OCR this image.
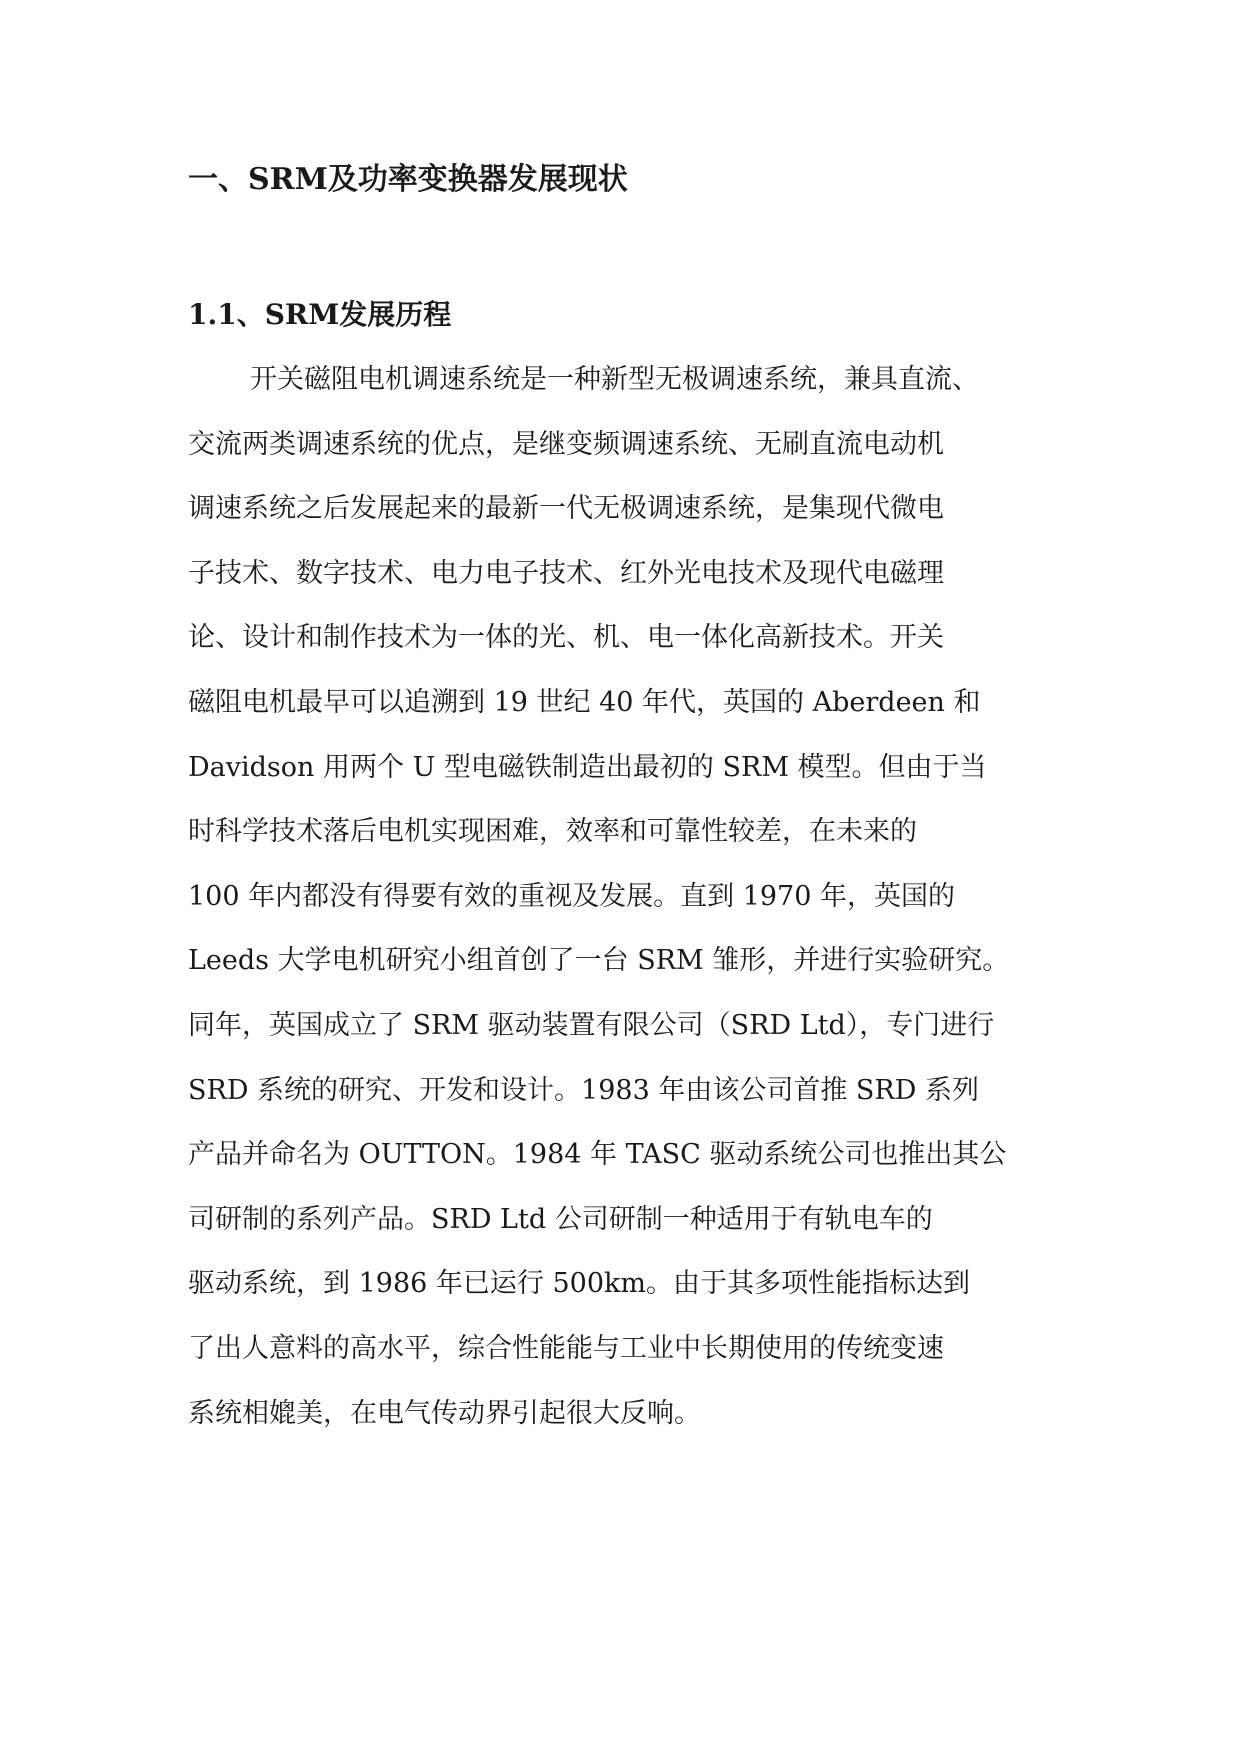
一、SRM及功率变换器发展现状
1.1、SRM发展历程
开关磁阻电机调速系统是一种新型无极调速系统，兼具直流、
交流两类调速系统的优点，是继变频调速系统、无刷直流电动机
调速系统之后发展起来的最新一代无极调速系统，是集现代微电
子技术、数字技术、电力电子技术、红外光电技术及现代电磁理
论、设计和制作技术为一体的光、机、电一体化高新技术。开关
磁阻电机最早可以追溯到 19 世纪 40 年代，英国的 Aberdeen 和
Davidson 用两个 U 型电磁铁制造出最初的 SRM 模型。但由于当
时科学技术落后电机实现困难，效率和可靠性较差，在未来的
100 年内都没有得要有效的重视及发展。直到 1970 年，英国的
Leeds 大学电机研究小组首创了一台 SRM 雏形，并进行实验研究。
同年，英国成立了 SRM 驱动装置有限公司（SRD Ltd），专门进行
SRD 系统的研究、开发和设计。1983 年由该公司首推 SRD 系列
产品并命名为 OUTTON。1984 年 TASC 驱动系统公司也推出其公
司研制的系列产品。SRD Ltd 公司研制一种适用于有轨电车的
驱动系统，到 1986 年已运行 500km。由于其多项性能指标达到
了出人意料的高水平，综合性能能与工业中长期使用的传统变速
系统相媲美，在电气传动界引起很大反响。
